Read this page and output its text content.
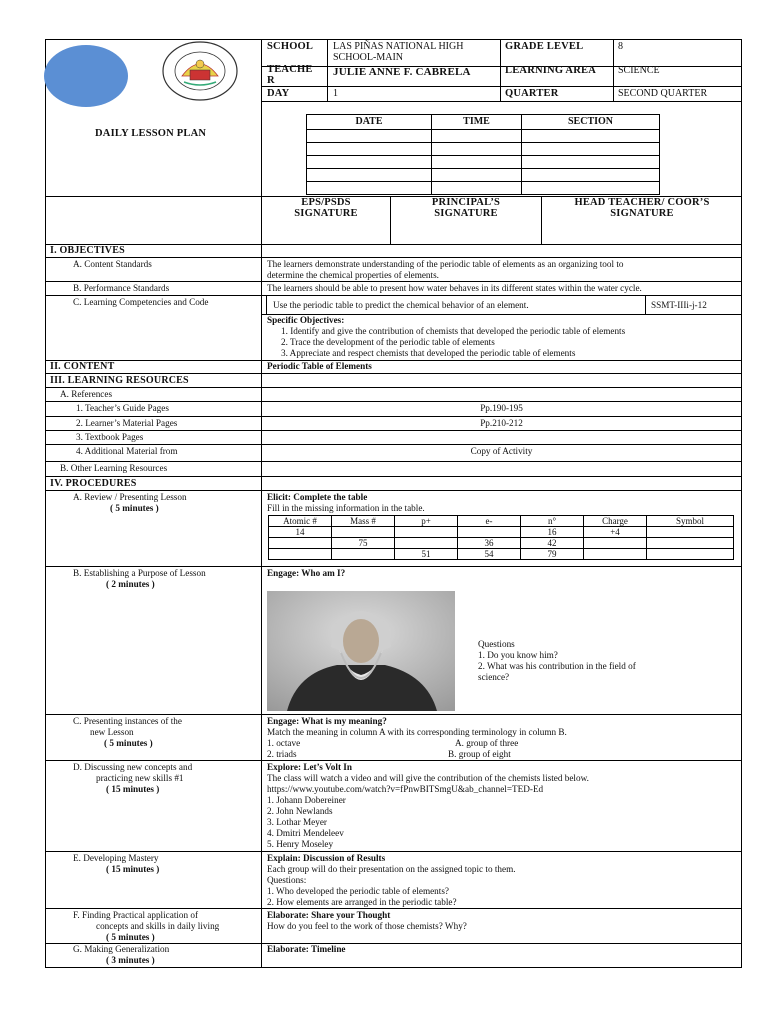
DATE	TIME	SECTION

DAILY LESSON PLAN
SCHOOL LAS PIÑAS NATIONAL HIGH
SCHOOL-MAIN
GRADE LEVEL	8
TEACHE
R
JULIE ANNE F. CABRELA	LEARNING AREA SCIENCE
DAY	1	QUARTER	SECOND QUARTER
EPS/PSDS
SIGNATURE
PRINCIPAL’S
SIGNATURE
HEAD TEACHER/ COOR’S
SIGNATURE
I. OBJECTIVES
A. Content Standards	The learners demonstrate understanding of the periodic table of elements as an organizing tool to
determine the chemical properties of elements.
B. Performance Standards	The learners should be able to present how water behaves in its different states within the water cycle.
C. Learning Competencies and Code	Use the periodic table to predict the chemical behavior of an element.	SSMT-IIIi-j-12
Specific Objectives:
1. Identify and give the contribution of chemists that developed the periodic table of elements
2. Trace the development of the periodic table of elements
3. Appreciate and respect chemists that developed the periodic table of elements
II. CONTENT	Periodic Table of Elements
III. LEARNING RESOURCES
A. References
1. Teacher’s Guide Pages	Pp.190-195
2. Learner’s Material Pages	Pp.210-212
3. Textbook Pages
4. Additional Material from	Copy of Activity
B. Other Learning Resources
IV. PROCEDURES
A. Review / Presenting Lesson
( 5 minutes )
Elicit: Complete the table
Fill in the missing information in the table.
Atomic #	Mass #	p+	e-	n°	Charge	Symbol
14				16	+4	
	75		36	42		
		51	54	79		
B. Establishing a Purpose of Lesson
( 2 minutes )
Engage: Who am I?
Questions
1. Do you know him?
2. What was his contribution in the field of
science?
C. Presenting instances of the
new Lesson
( 5 minutes )
Engage: What is my meaning?
Match the meaning in column A with its corresponding terminology in column B.
1. octave	A. group of three
2. triads	B. group of eight
D. Discussing new concepts and
practicing new skills #1
( 15 minutes )
Explore: Let’s Volt In
The class will watch a video and will give the contribution of the chemists listed below.
https://www.youtube.com/watch?v=fPnwBITSmgU&ab_channel=TED-Ed
1. Johann Dobereiner
2. John Newlands
3. Lothar Meyer
4. Dmitri Mendeleev
5. Henry Moseley
E. Developing Mastery
( 15 minutes )
Explain: Discussion of Results
Each group will do their presentation on the assigned topic to them.
Questions:
1. Who developed the periodic table of elements?
2. How elements are arranged in the periodic table?
F. Finding Practical application of
concepts and skills in daily living
( 5 minutes )
Elaborate: Share your Thought
How do you feel to the work of those chemists? Why?
G. Making Generalization
( 3 minutes )
Elaborate: Timeline
